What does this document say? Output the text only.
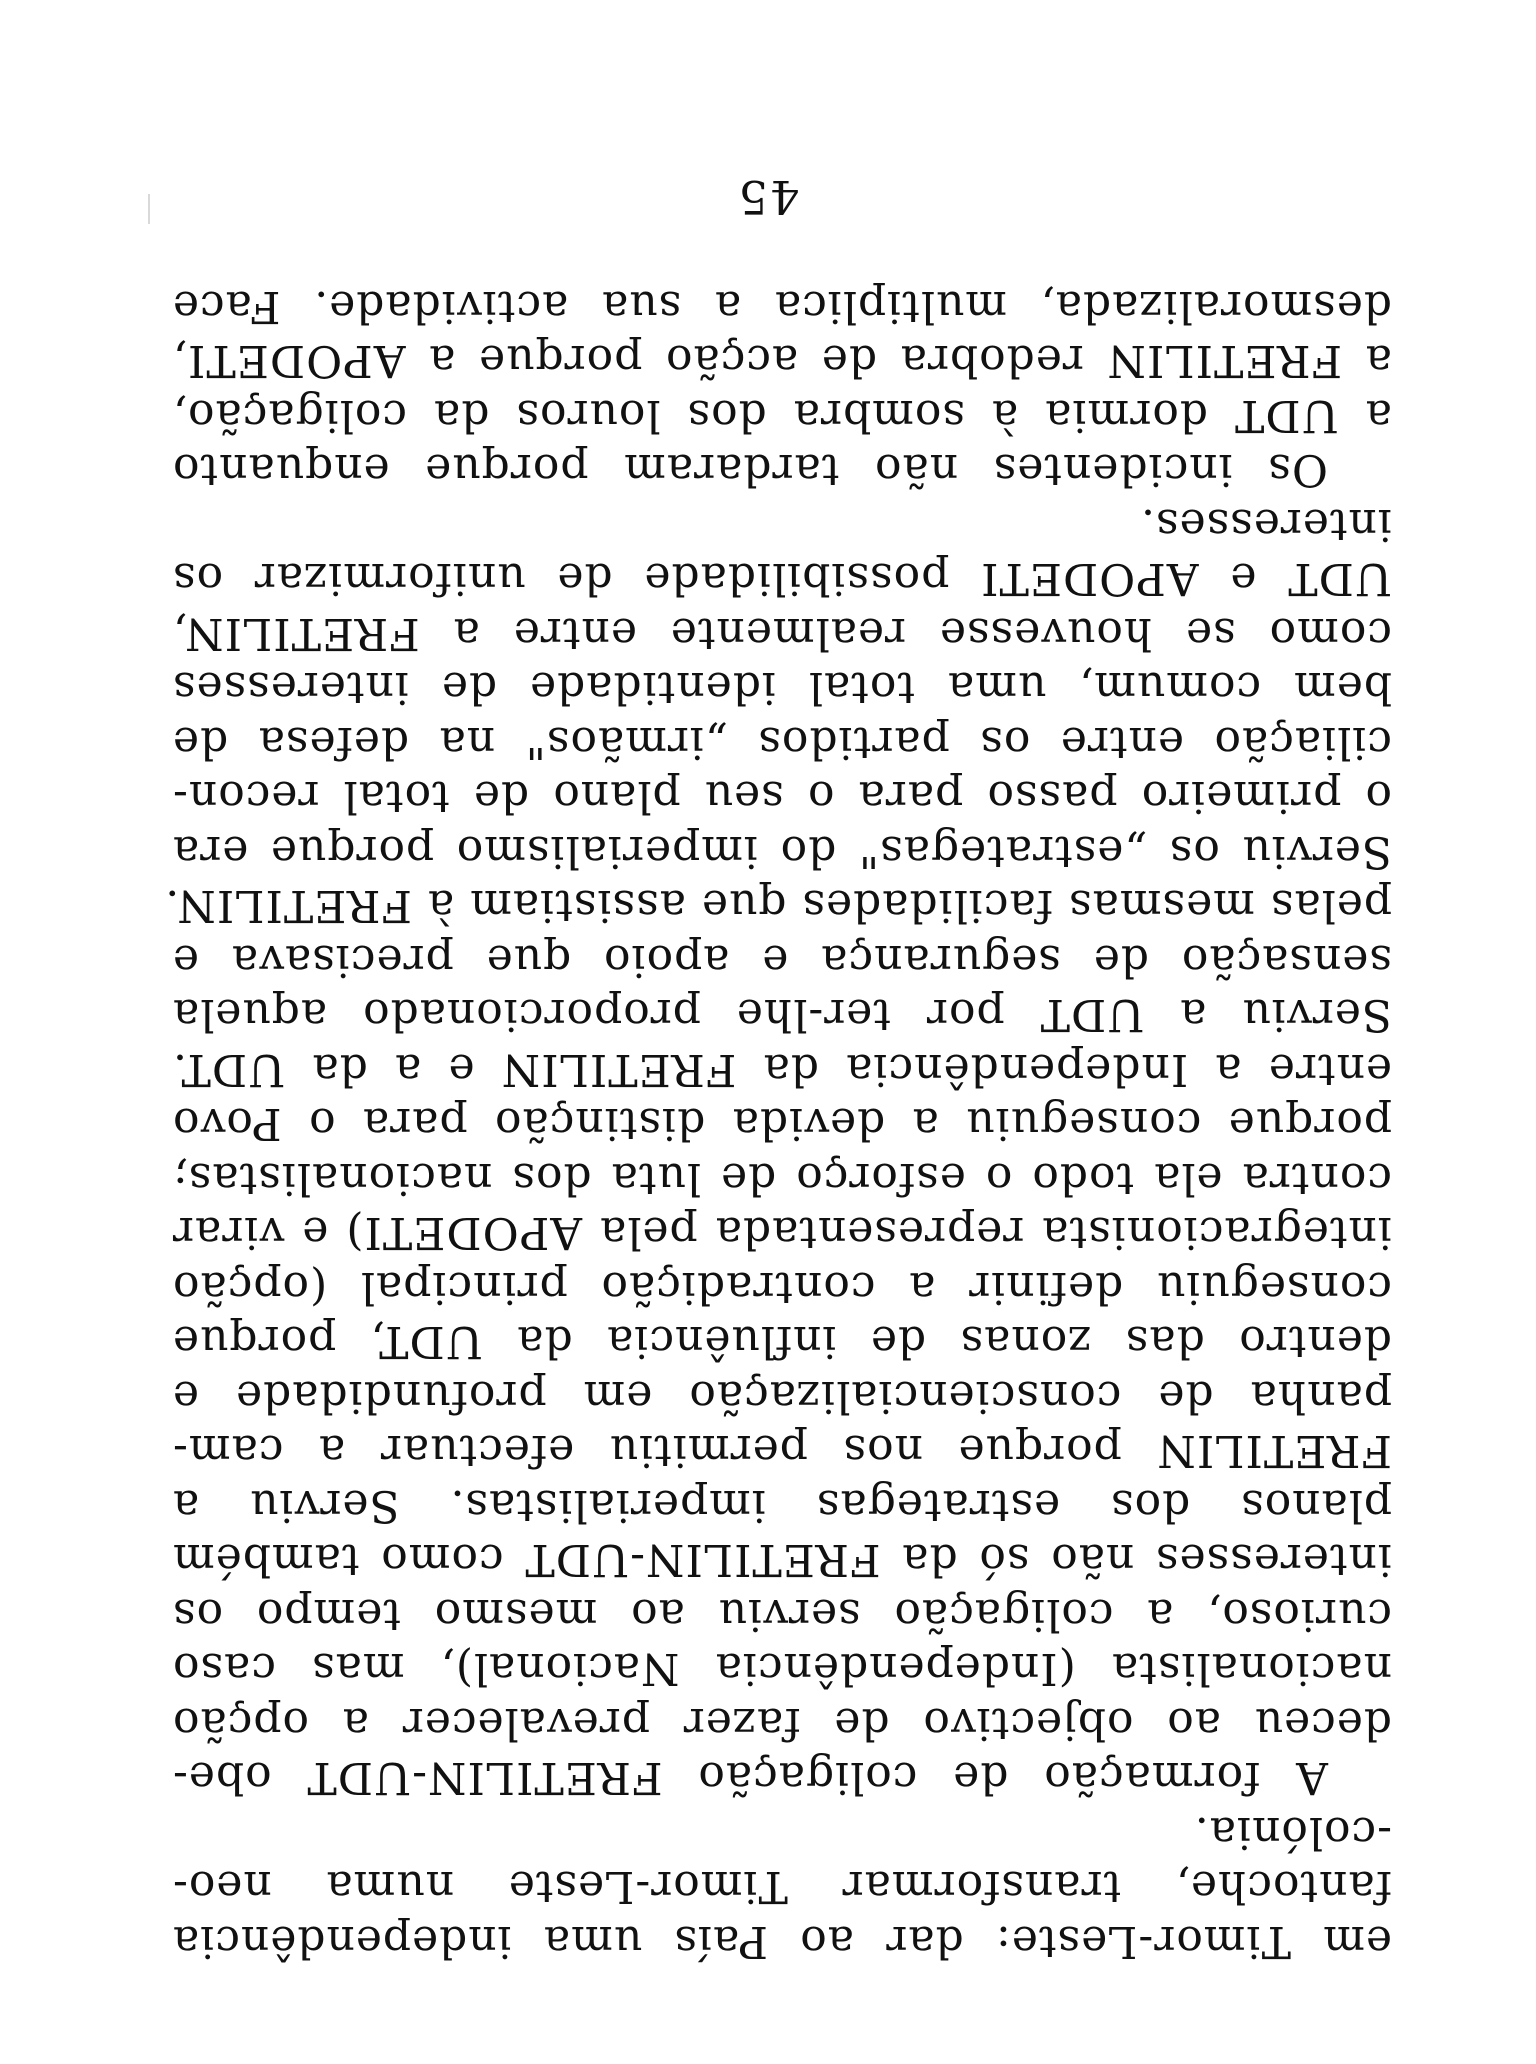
em Timor-Leste: dar ao País uma independência
fantoche, transformar Timor-Leste numa neo-
-colónia.
A formação de coligação FRETILIN-UDT obe-
deceu ao objectivo de fazer prevalecer a opção
nacionalista (Independência Nacional), mas caso
curioso, a coligação serviu ao mesmo tempo os
interesses não só da FRETILIN-UDT como também
planos dos estrategas imperialistas. Serviu a
FRETILIN porque nos permitiu efectuar a cam-
panha de consciencialização em profundidade e
dentro das zonas de influência da UDT, porque
conseguiu definir a contradição principal (opção
integracionista representada pela APODETI) e virar
contra ela todo o esforço de luta dos nacionalistas;
porque conseguiu a devida distinção para o Povo
entre a Independência da FRETILIN e a da UDT.
Serviu a UDT por ter-lhe proporcionado aquela
sensação de segurança e apoio que precisava e
pelas mesmas facilidades que assistiam à FRETILIN.
Serviu os „estrategas" do imperialismo porque era
o primeiro passo para o seu plano de total recon-
ciliação entre os partidos „irmãos" na defesa de
bem comum, uma total identidade de interesses
como se houvesse realmente entre a FRETILIN,
UDT e APODETI possibilidade de uniformizar os
interesses.
Os incidentes não tardaram porque enquanto
a UDT dormia à sombra dos louros da coligação,
a FRETILIN redobra de acção porque a APODETI,
desmoralizada, multiplica a sua actividade. Face
45
